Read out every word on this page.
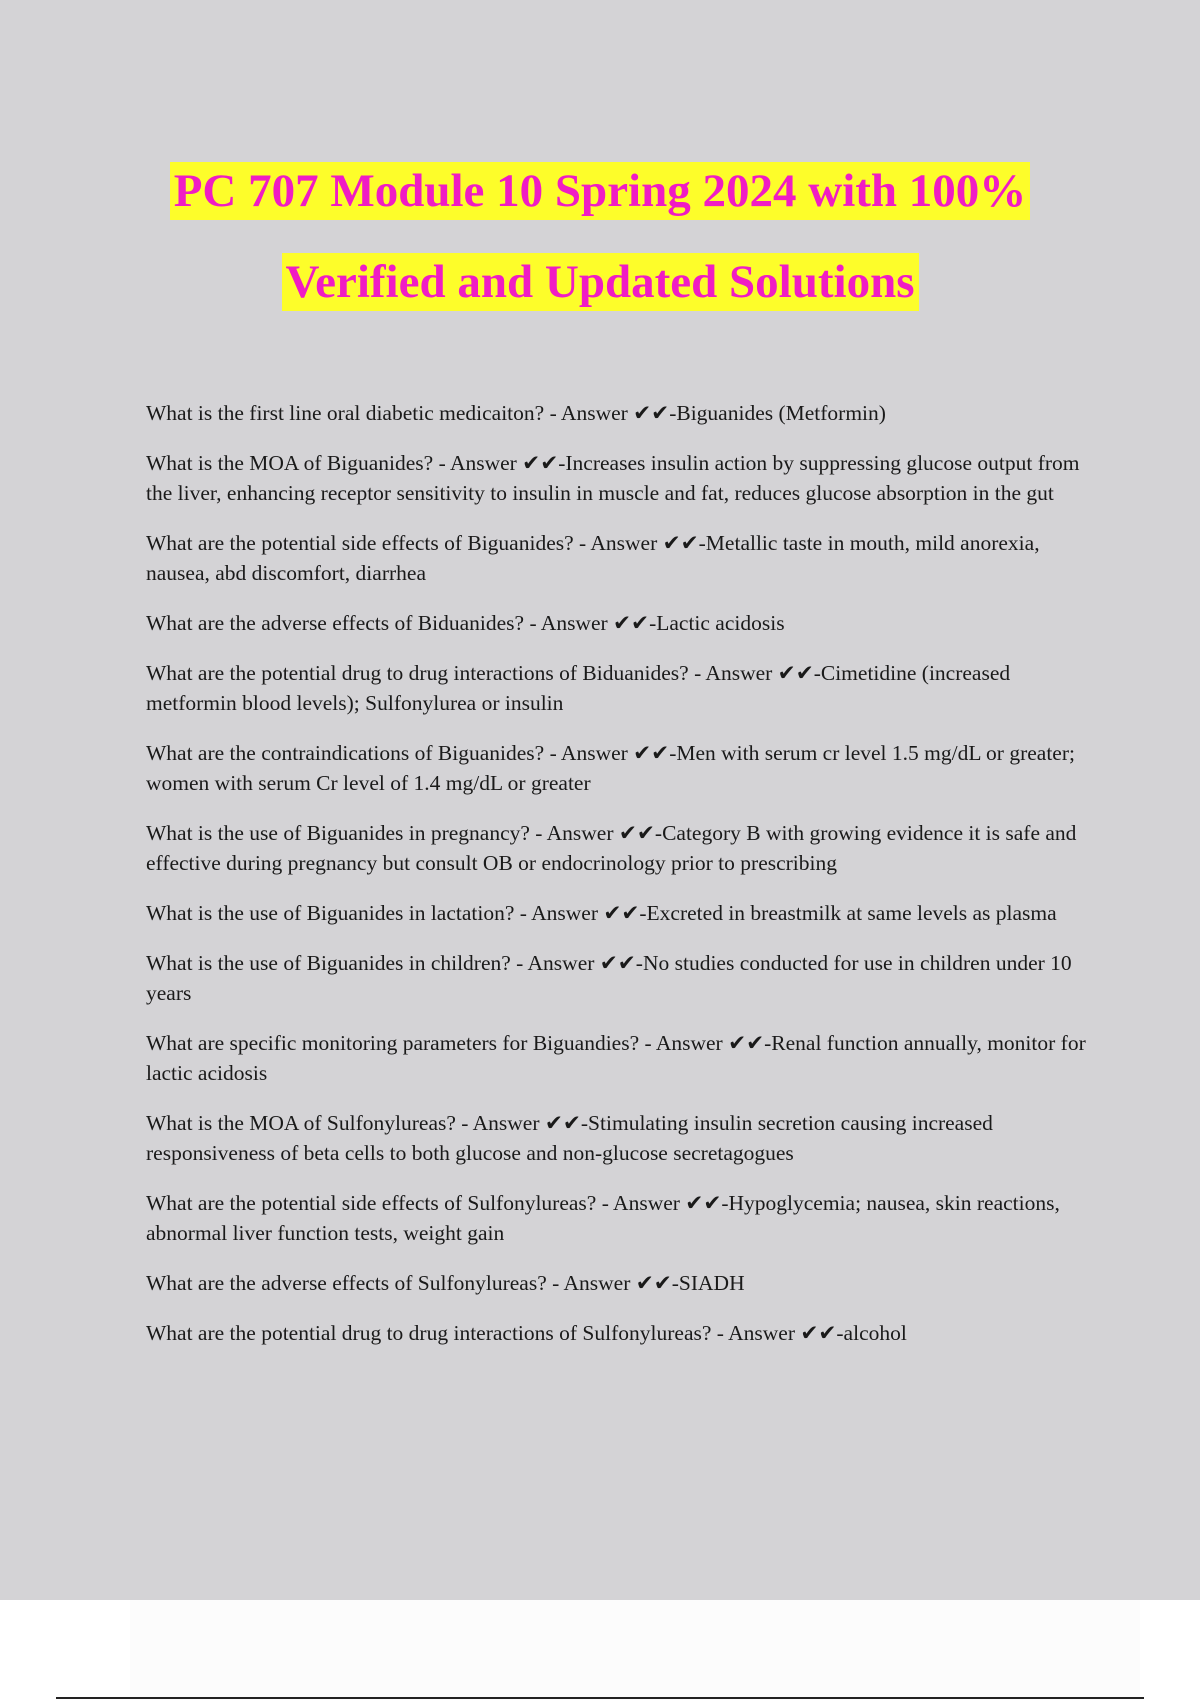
PC 707 Module 10 Spring 2024 with 100%
Verified and Updated Solutions
What is the first line oral diabetic medicaiton? - Answer ✔✔-Biguanides (Metformin)
What is the MOA of Biguanides? - Answer ✔✔-Increases insulin action by suppressing glucose output from the liver, enhancing receptor sensitivity to insulin in muscle and fat, reduces glucose absorption in the gut
What are the potential side effects of Biguanides? - Answer ✔✔-Metallic taste in mouth, mild anorexia, nausea, abd discomfort, diarrhea
What are the adverse effects of Biduanides? - Answer ✔✔-Lactic acidosis
What are the potential drug to drug interactions of Biduanides? - Answer ✔✔-Cimetidine (increased metformin blood levels); Sulfonylurea or insulin
What are the contraindications of Biguanides? - Answer ✔✔-Men with serum cr level 1.5 mg/dL or greater; women with serum Cr level of 1.4 mg/dL or greater
What is the use of Biguanides in pregnancy? - Answer ✔✔-Category B with growing evidence it is safe and effective during pregnancy but consult OB or endocrinology prior to prescribing
What is the use of Biguanides in lactation? - Answer ✔✔-Excreted in breastmilk at same levels as plasma
What is the use of Biguanides in children? - Answer ✔✔-No studies conducted for use in children under 10 years
What are specific monitoring parameters for Biguandies? - Answer ✔✔-Renal function annually, monitor for lactic acidosis
What is the MOA of Sulfonylureas? - Answer ✔✔-Stimulating insulin secretion causing increased responsiveness of beta cells to both glucose and non-glucose secretagogues
What are the potential side effects of Sulfonylureas? - Answer ✔✔-Hypoglycemia; nausea, skin reactions, abnormal liver function tests, weight gain
What are the adverse effects of Sulfonylureas? - Answer ✔✔-SIADH
What are the potential drug to drug interactions of Sulfonylureas? - Answer ✔✔-alcohol
